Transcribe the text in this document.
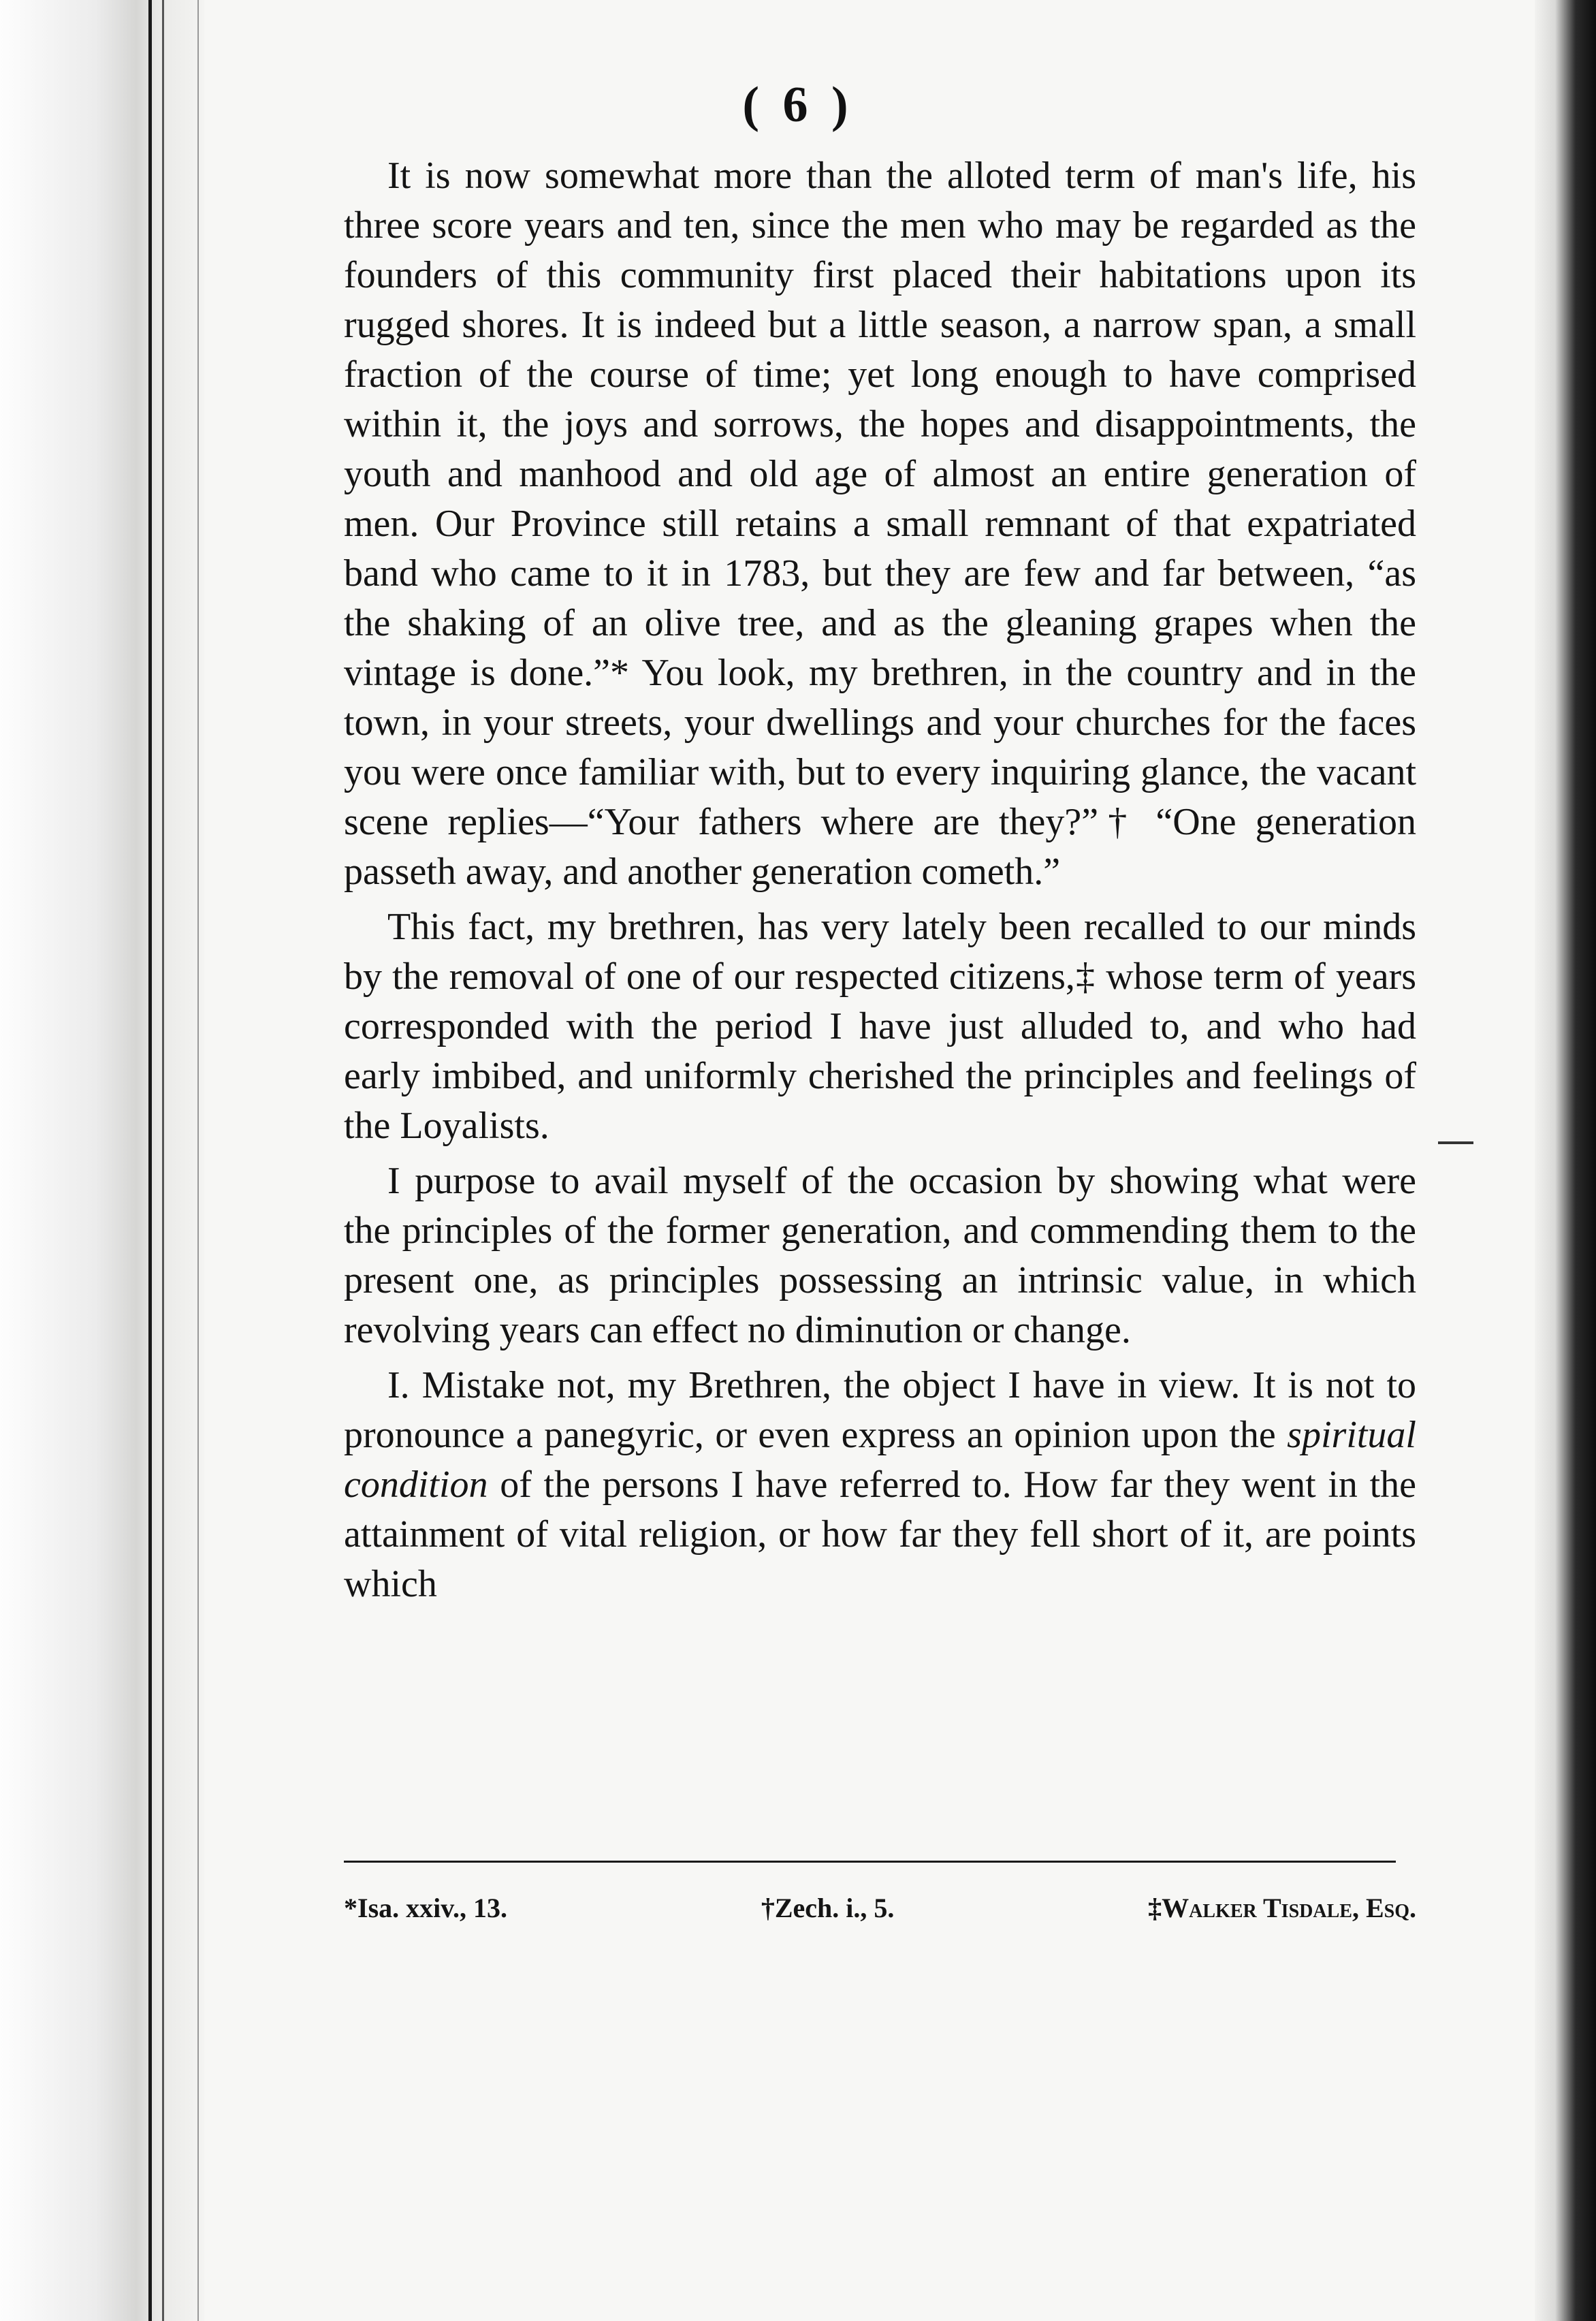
( 6 )

It is now somewhat more than the alloted term of man's life, his three score years and ten, since the men who may be regarded as the founders of this community first placed their habitations upon its rugged shores. It is indeed but a little season, a narrow span, a small fraction of the course of time; yet long enough to have comprised within it, the joys and sorrows, the hopes and disappointments, the youth and manhood and old age of almost an entire generation of men. Our Province still retains a small remnant of that expatriated band who came to it in 1783, but they are few and far between, “as the shaking of an olive tree, and as the gleaning grapes when the vintage is done.”* You look, my brethren, in the country and in the town, in your streets, your dwellings and your churches for the faces you were once familiar with, but to every inquiring glance, the vacant scene replies—“Your fathers where are they?”† “One generation passeth away, and another generation cometh.”

This fact, my brethren, has very lately been recalled to our minds by the removal of one of our respected citizens,‡ whose term of years corresponded with the period I have just alluded to, and who had early imbibed, and uniformly cherished the principles and feelings of the Loyalists.

I purpose to avail myself of the occasion by showing what were the principles of the former generation, and commending them to the present one, as principles possessing an intrinsic value, in which revolving years can effect no diminution or change.

I. Mistake not, my Brethren, the object I have in view. It is not to pronounce a panegyric, or even express an opinion upon the spiritual condition of the persons I have referred to. How far they went in the attainment of vital religion, or how far they fell short of it, are points which

*Isa. xxiv., 13.	†Zech. i., 5.	‡Walker Tisdale, Esq.
